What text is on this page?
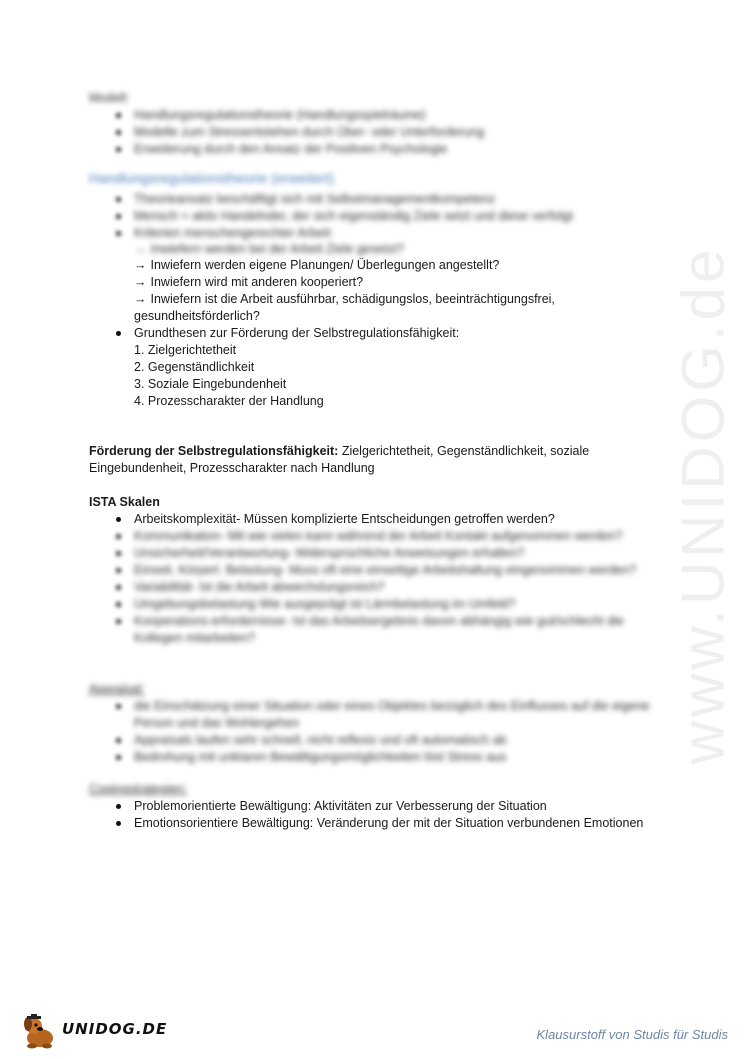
www.UNIDOG.de
Modell:
Handlungsregulationstheorie (Handlungsspielräume)
Modelle zum Stressentstehen durch Über- oder Unterforderung
Erweiterung durch den Ansatz der Positiven Psychologie
Handlungsregulationstheorie (erweitert)
Theorieansatz beschäftigt sich mit Selbstmanagementkompetenz
Mensch = aktiv Handelnder, der sich eigenständig Ziele setzt und diese verfolgt
Kriterien menschengerechter Arbeit:
→ Inwiefern werden bei der Arbeit Ziele gesetzt?
→ Inwiefern werden eigene Planungen/ Überlegungen angestellt?
→ Inwiefern wird mit anderen kooperiert?
→ Inwiefern ist die Arbeit ausführbar, schädigungslos, beeinträchtigungsfrei,
gesundheitsförderlich?
Grundthesen zur Förderung der Selbstregulationsfähigkeit:
1. Zielgerichtetheit
2. Gegenständlichkeit
3. Soziale Eingebundenheit
4. Prozesscharakter der Handlung
Förderung der Selbstregulationsfähigkeit: Zielgerichtetheit, Gegenständlichkeit, soziale
Eingebundenheit, Prozesscharakter nach Handlung
ISTA Skalen
Arbeitskomplexität- Müssen komplizierte Entscheidungen getroffen werden?
Kommunikation- Mit wie vielen kann während der Arbeit Kontakt aufgenommen werden?
Unsicherheit/Verantwortung- Widersprüchliche Anweisungen erhalten?
Einseit. Körperl. Belastung- Muss oft eine einseitige Arbeitshaltung eingenommen werden?
Variabilität- Ist die Arbeit abwechslungsreich?
Umgebungsbelastung Wie ausgeprägt ist Lärmbelastung im Umfeld?
Kooperations-erfordernisse- Ist das Arbeitsergebnis davon abhängig wie gut/schlecht die
Kollegen mitarbeiten?
Appraisal:
die Einschätzung einer Situation oder eines Objektes bezüglich des Einflusses auf die eigene
Person und das Wohlergehen
Appraisals laufen sehr schnell, nicht reflexiv und oft automatisch ab
Bedrohung mit unklaren Bewältigungsmöglichkeiten löst Stress aus
Copingstrategien:
Problemorientierte Bewältigung: Aktivitäten zur Verbesserung der Situation
Emotionsorientiere Bewältigung: Veränderung der mit der Situation verbundenen Emotionen
UNIDOG.DE	Klausurstoff von Studis für Studis
